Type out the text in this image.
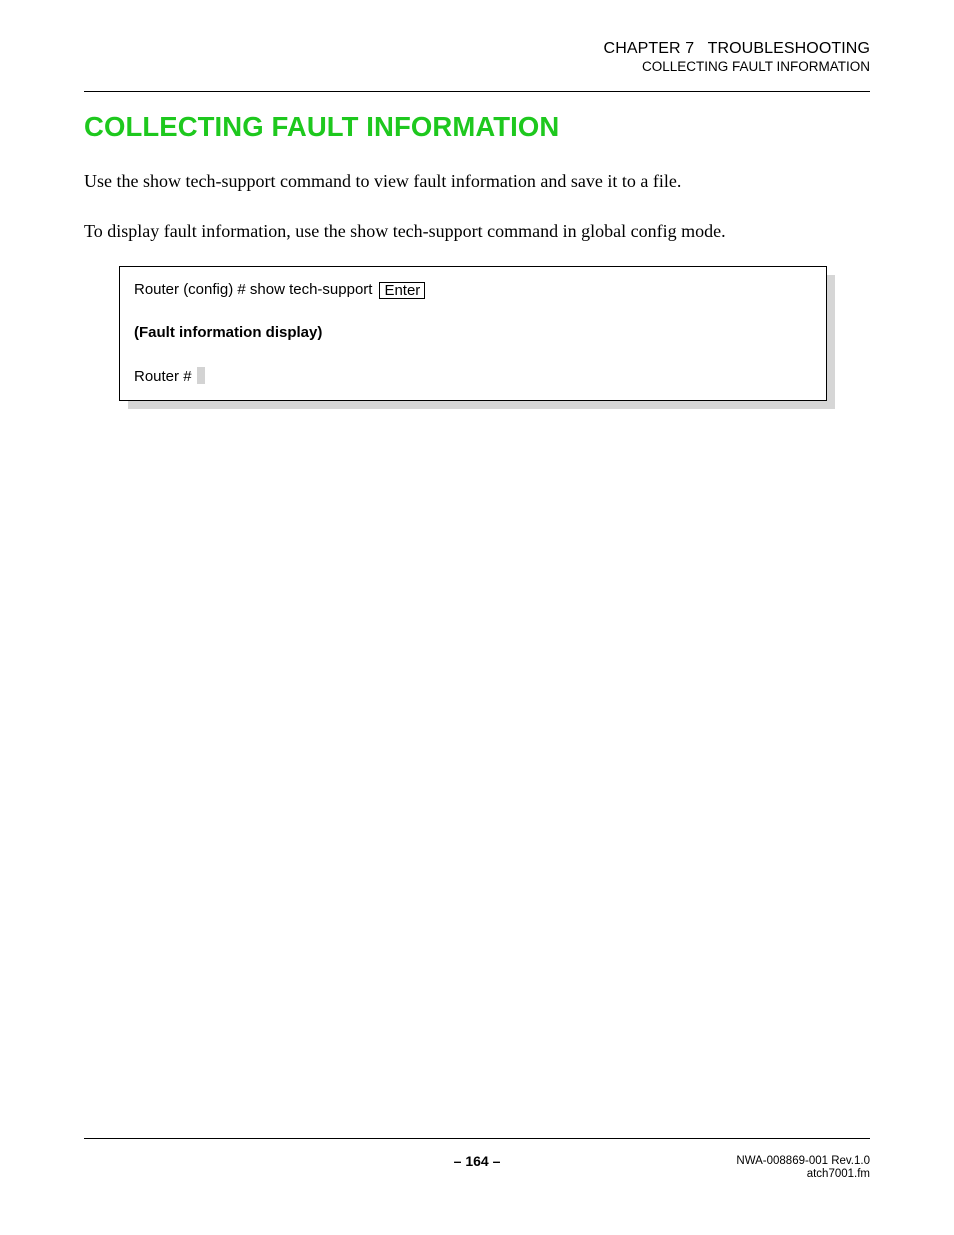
CHAPTER 7   TROUBLESHOOTING
COLLECTING FAULT INFORMATION
COLLECTING FAULT INFORMATION

Use the show tech-support command to view fault information and save it to a file.

To display fault information, use the show tech-support command in global config mode.

Router (config) # show tech-support Enter
(Fault information display)
Router #
– 164 –	NWA-008869-001 Rev.1.0
atch7001.fm
